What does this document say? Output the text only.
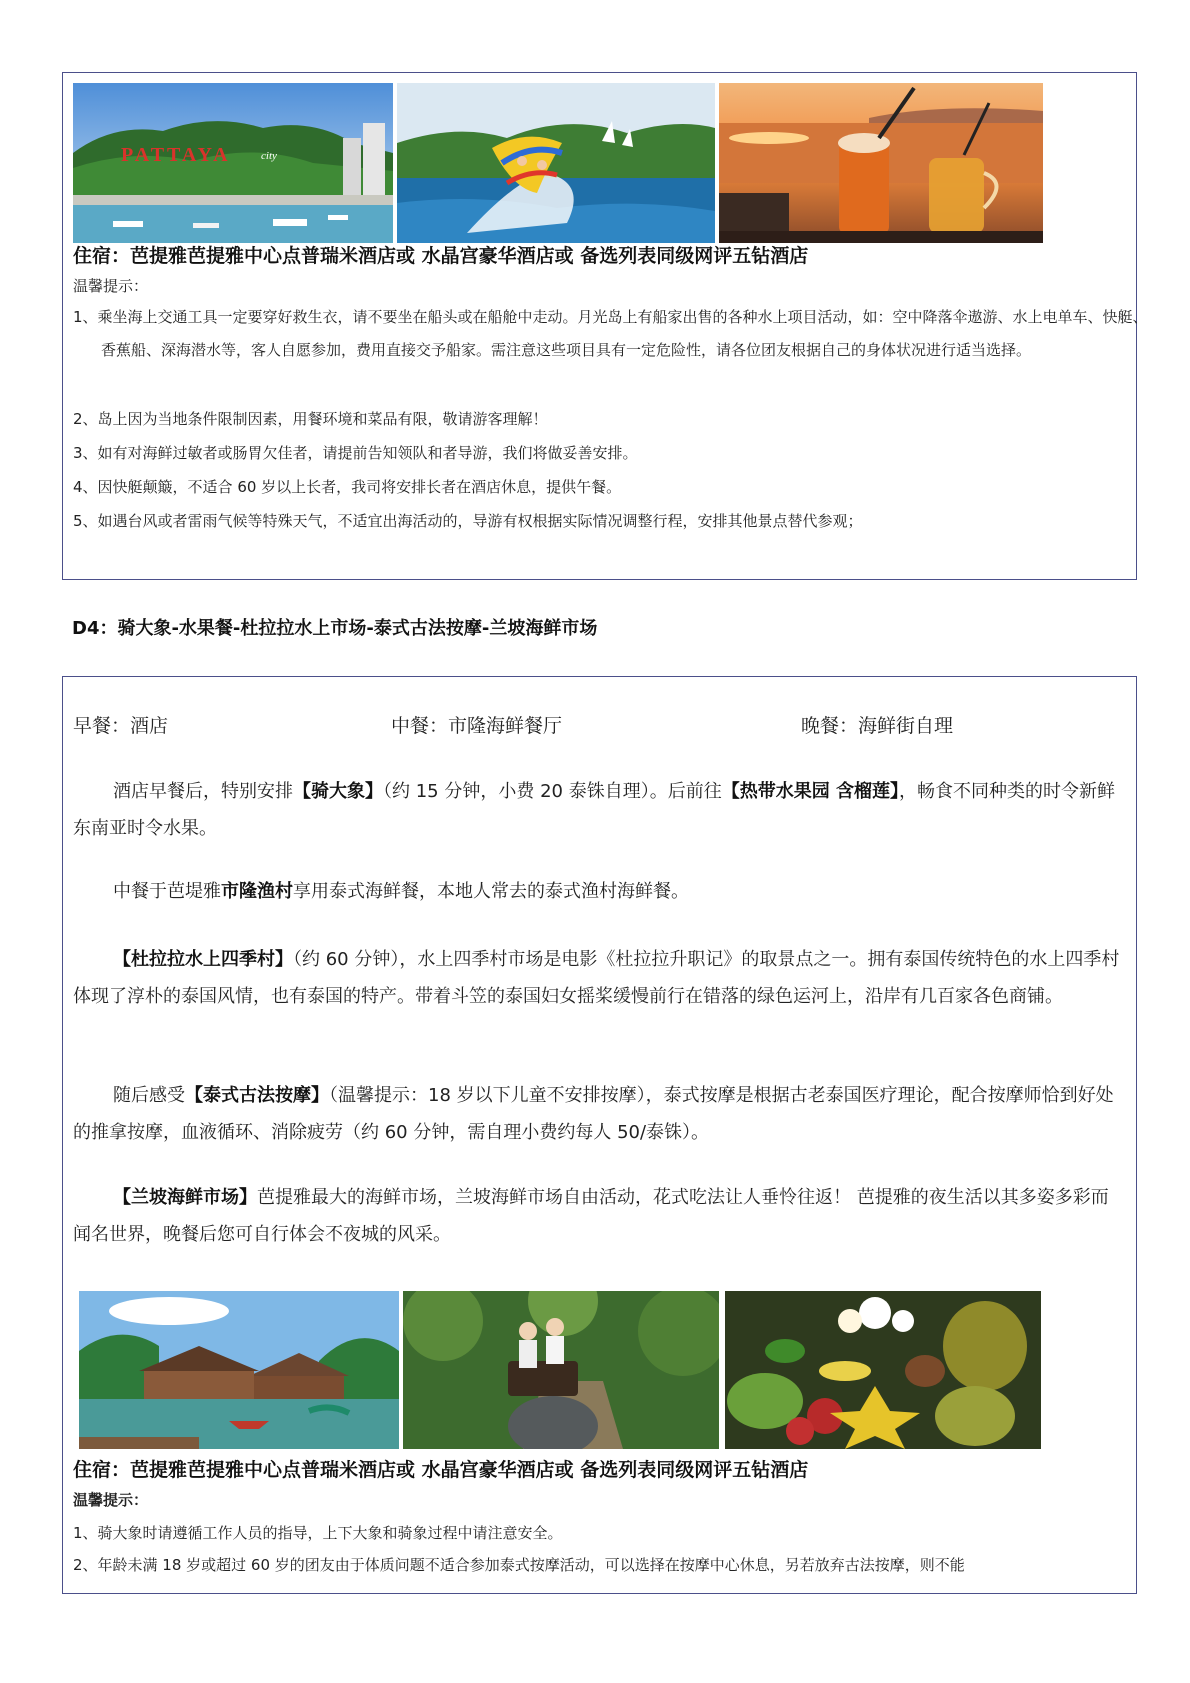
PATTAYA	city
住宿：芭提雅芭提雅中心点普瑞米酒店或 水晶宫豪华酒店或 备选列表同级网评五钻酒店
温馨提示：
1、乘坐海上交通工具一定要穿好救生衣，请不要坐在船头或在船舱中走动。月光岛上有船家出售的各种水上项目活动，如：空中降落伞遨游、水上电单车、快艇、香蕉船、深海潜水等，客人自愿参加，费用直接交予船家。需注意这些项目具有一定危险性，请各位团友根据自己的身体状况进行适当选择。
2、岛上因为当地条件限制因素，用餐环境和菜品有限，敬请游客理解！
3、如有对海鲜过敏者或肠胃欠佳者，请提前告知领队和者导游，我们将做妥善安排。
4、因快艇颠簸，不适合 60 岁以上长者，我司将安排长者在酒店休息，提供午餐。
5、如遇台风或者雷雨气候等特殊天气，不适宜出海活动的，导游有权根据实际情况调整行程，安排其他景点替代参观；
D4：骑大象-水果餐-杜拉拉水上市场-泰式古法按摩-兰坡海鲜市场
早餐：酒店	中餐：市隆海鲜餐厅	晚餐：海鲜街自理
酒店早餐后，特别安排【骑大象】（约 15 分钟，小费 20 泰铢自理）。后前往【热带水果园 含榴莲】，畅食不同种类的时令新鲜东南亚时令水果。
中餐于芭堤雅市隆渔村享用泰式海鲜餐，本地人常去的泰式渔村海鲜餐。
【杜拉拉水上四季村】（约 60 分钟），水上四季村市场是电影《杜拉拉升职记》的取景点之一。拥有泰国传统特色的水上四季村体现了淳朴的泰国风情，也有泰国的特产。带着斗笠的泰国妇女摇桨缓慢前行在错落的绿色运河上，沿岸有几百家各色商铺。
随后感受【泰式古法按摩】（温馨提示：18 岁以下儿童不安排按摩），泰式按摩是根据古老泰国医疗理论，配合按摩师恰到好处的推拿按摩，血液循环、消除疲劳（约 60 分钟，需自理小费约每人 50/泰铢）。
【兰坡海鲜市场】芭提雅最大的海鲜市场，兰坡海鲜市场自由活动，花式吃法让人垂怜往返！ 芭提雅的夜生活以其多姿多彩而闻名世界，晚餐后您可自行体会不夜城的风采。
住宿：芭提雅芭提雅中心点普瑞米酒店或 水晶宫豪华酒店或 备选列表同级网评五钻酒店
温馨提示：
1、骑大象时请遵循工作人员的指导，上下大象和骑象过程中请注意安全。
2、年龄未满 18 岁或超过 60 岁的团友由于体质问题不适合参加泰式按摩活动，可以选择在按摩中心休息，另若放弃古法按摩，则不能
